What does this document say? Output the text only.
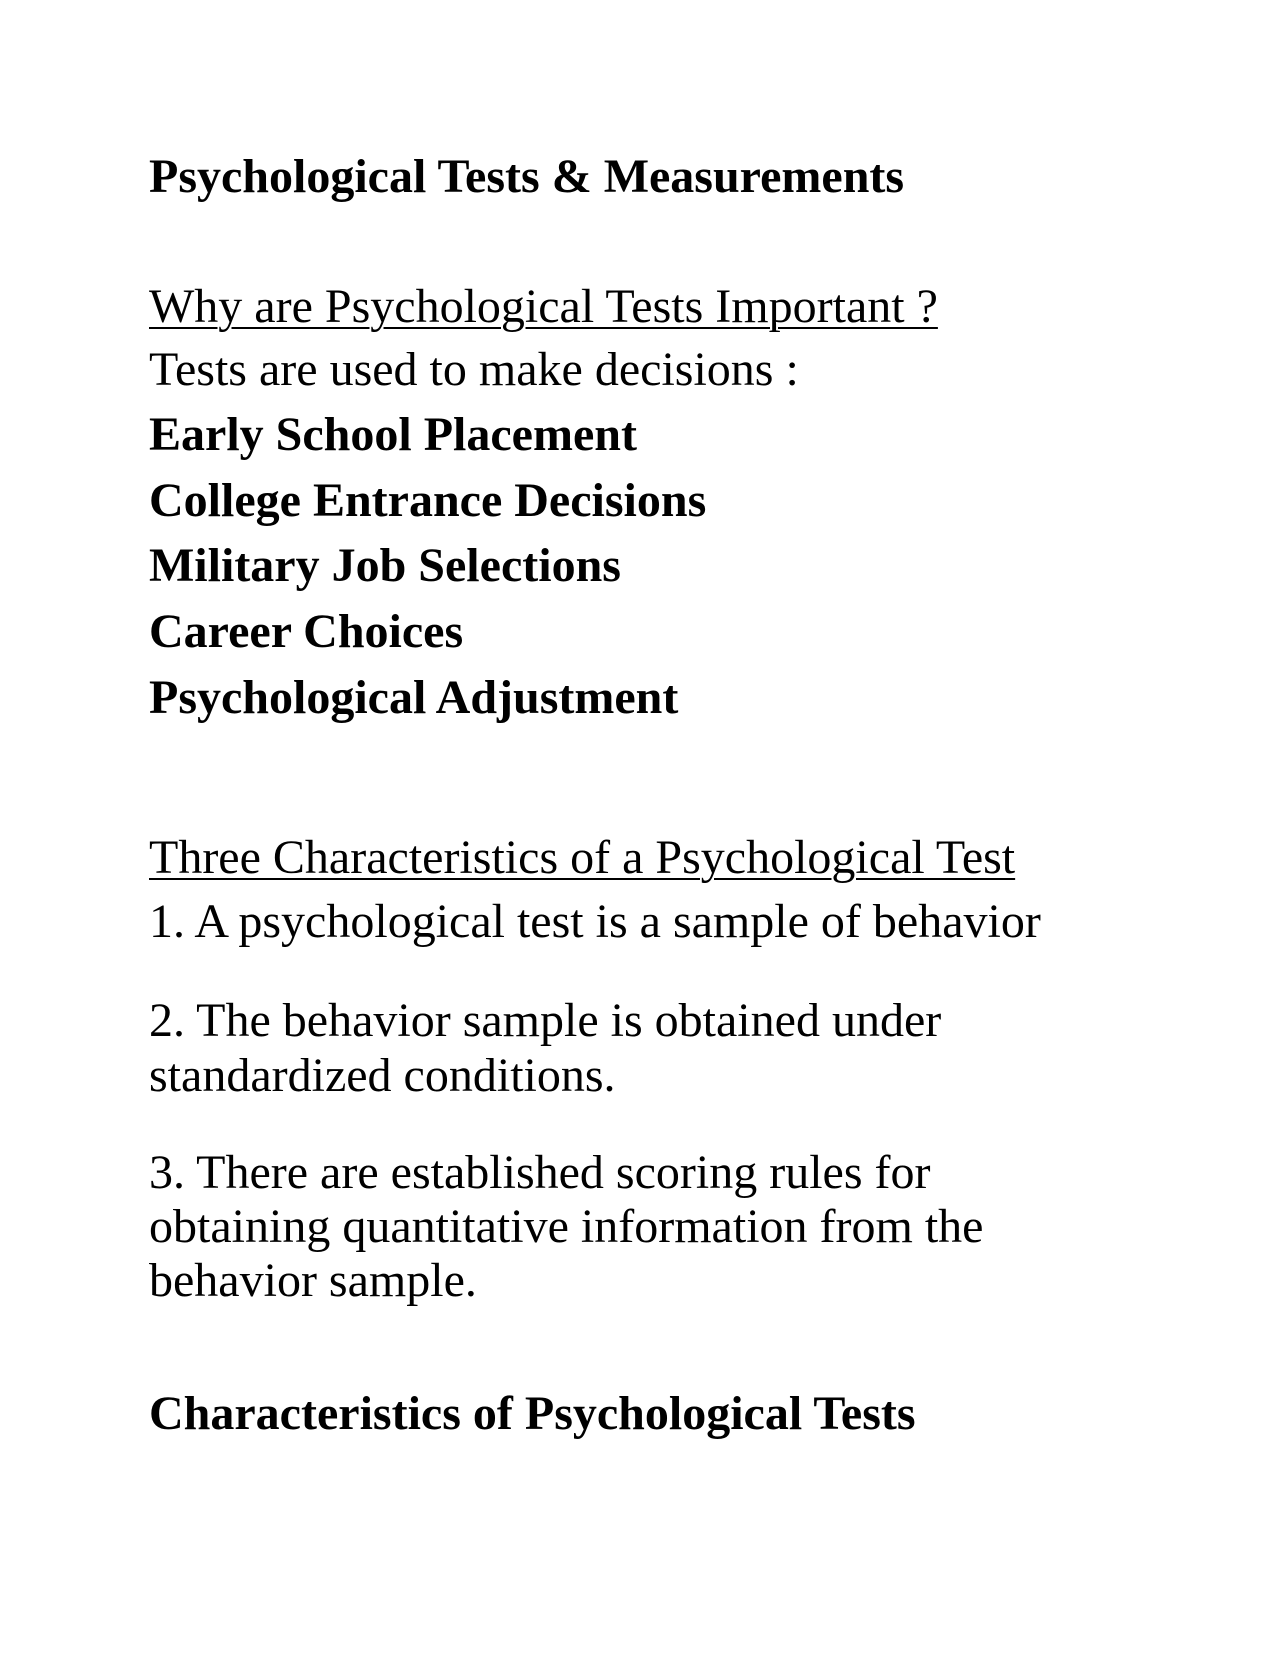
Psychological Tests & Measurements
Why are Psychological Tests Important ?
Tests are used to make decisions :
Early School Placement
College Entrance Decisions
Military Job Selections
Career Choices
Psychological Adjustment
Three Characteristics of a Psychological Test
1. A psychological test is a sample of behavior
2. The behavior sample is obtained under
standardized conditions.
3. There are established scoring rules for
obtaining quantitative information from the
behavior sample.
Characteristics of Psychological Tests
